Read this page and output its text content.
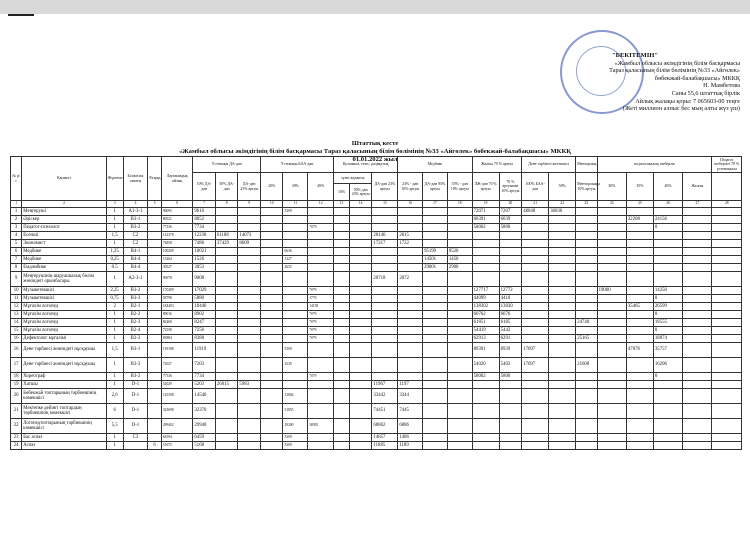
"БЕКІТЕМІН"
«Жамбыл облысы әкімдігінің білім басқармасы
Тараз қаласының білім бөлімінің №33 «Айгөлек»
бөбекжай-балабақшасы» МККҚ
Н. Мамбетова
Саны 55,6 штаттық бірлік
Айлық жалақы қоры: 7 065603-00 теңге
(Жеті миллион алпыс бес мың алты жүз үш)
Штаттық кесте
«Жамбыл облысы әкімдігінің білім басқармасы Тараз қаласының білім бөлімінің №33 «Айгөлек» бөбекжай-балабақшасы» МККҚ
01.01.2022 жыл
№ р/с	Қызметі	Жүктеме	Біліктілік санаты	Разряд	Лауазымдық айлық	Үстемақы ДА-дан			Үстемақы БАА-дан			Қосымша, техн., разрядтық			Медбике			Жалпы 70 % артуы		Дене тәрбиесі жетекшісі		Менторлық	педагогикалық шеберлік				Педагог шеберлігі 70 % үстемақысы
						10% ДА-дан	50% ДА-дан	ДА-дан 23% артуы	20%	30%	40%	түнгі жұмысы		ДА-дан 23% артуы	23% - дан 10% артуы	ДА-дан 95% артуы	55% - дан 10% артуы	ЛЖ-дан 70 % артуы	70 % артуынан 10% артуы	100% БАА-дан	50%	Менторлыққа 10% артуы	30%	35%	40%	Жалпы	
												10%	50% дан 23% артуы														
1	2	3	4	5	6	7	8	9	10	11	12	13	14	15	16	17	18	19	20	21	22	23	24	25	26	27	28
1	Меңгеруші	1	А1-3-1		96095	9610				5309								72071	7207	48048	36036						
2	Әдіскер	1	В3-1		80521	8052												60391	6039					32208	24156		
3	Педагог-психолог	1	В3-2		77336	7734					7079							58002	5800						0		
4	Есепші	1,5	С2		122378	12238	61188	14073						28146	2815												
5	Экономист	1	С2		74858	7486	37429	8609						17217	1722												
6	Медбике	1,25	В4-1		100209	10021				6636						95199	9520										
7	Медбике	0,25	В4-4		15264	1526				1327						14501	1450										
8	Емдәмбике	0.5	В4-4		30527	3053				2655						29001	2900										
9	Меңгерушінің шаруашылық бөлім жөніндегі орынбасары	1	А2-3-1		90078	9008								20718	2072												
10	Музыкетекшісі	2,25	В3-2		170289	17029					7079							127717	12772				19000		14250		
11	Музыкетекшісі	0,75	В3-3		58798	5880					1770							44099	4410						0		
12	Мұғалім логопед	2	В2-1		184403	18440					14158							138302	13830					35465	26599		
13	Мұғалім логопед	1	В2-2		89016	8902					7079							66762	6676						0		
14	Мұғалім логопед	1	В2-3		82468	8247					7079							61851	6185			24740			18555		
15	Мұғалім логопед	1	В2-4		72558	7256					7079							54419	5442						0		
16	Дефектолог мұғалімі	1	В2-3		83884	8388					7079							62913	6291			25165			18874		
16	Дене тәрбиесі жөніндегі нұсқаушы	1,5	В3-1		119188	11919				5309								89391	8939	17697				47676	35757		
17	Дене тәрбиесі жөніндегі нұсқаушы	1	В3-3		72027	7203				3539								54020	5402	17697		21608			16206		
18	Хореограф	1	В3-2		77336	7734					7079							58002	5800						0		
19	Хатшы	1	D-1		52029	5203	26015	5983						11967	1197												
20	Бөбекжай топтарының тәрбиешінің көмекшісі	2,6	D-1		145398	14540				13804				33442	3344												
21	Мектепке дейінгі топтардың тәрбиешінің көмекшісі	6	D-1		323698	32370				31855				74451	7445												
22	Логопедтоптарының тәрбиешінің көмекшісі	5,5	D-1		299402	29940				29200	38935			68862	6886												
23	Бас аспаз	1	С3		64594	6459				5309				14857	1486												
24	Аспаз	1		6	51675	5168				5309				11885	1189												
